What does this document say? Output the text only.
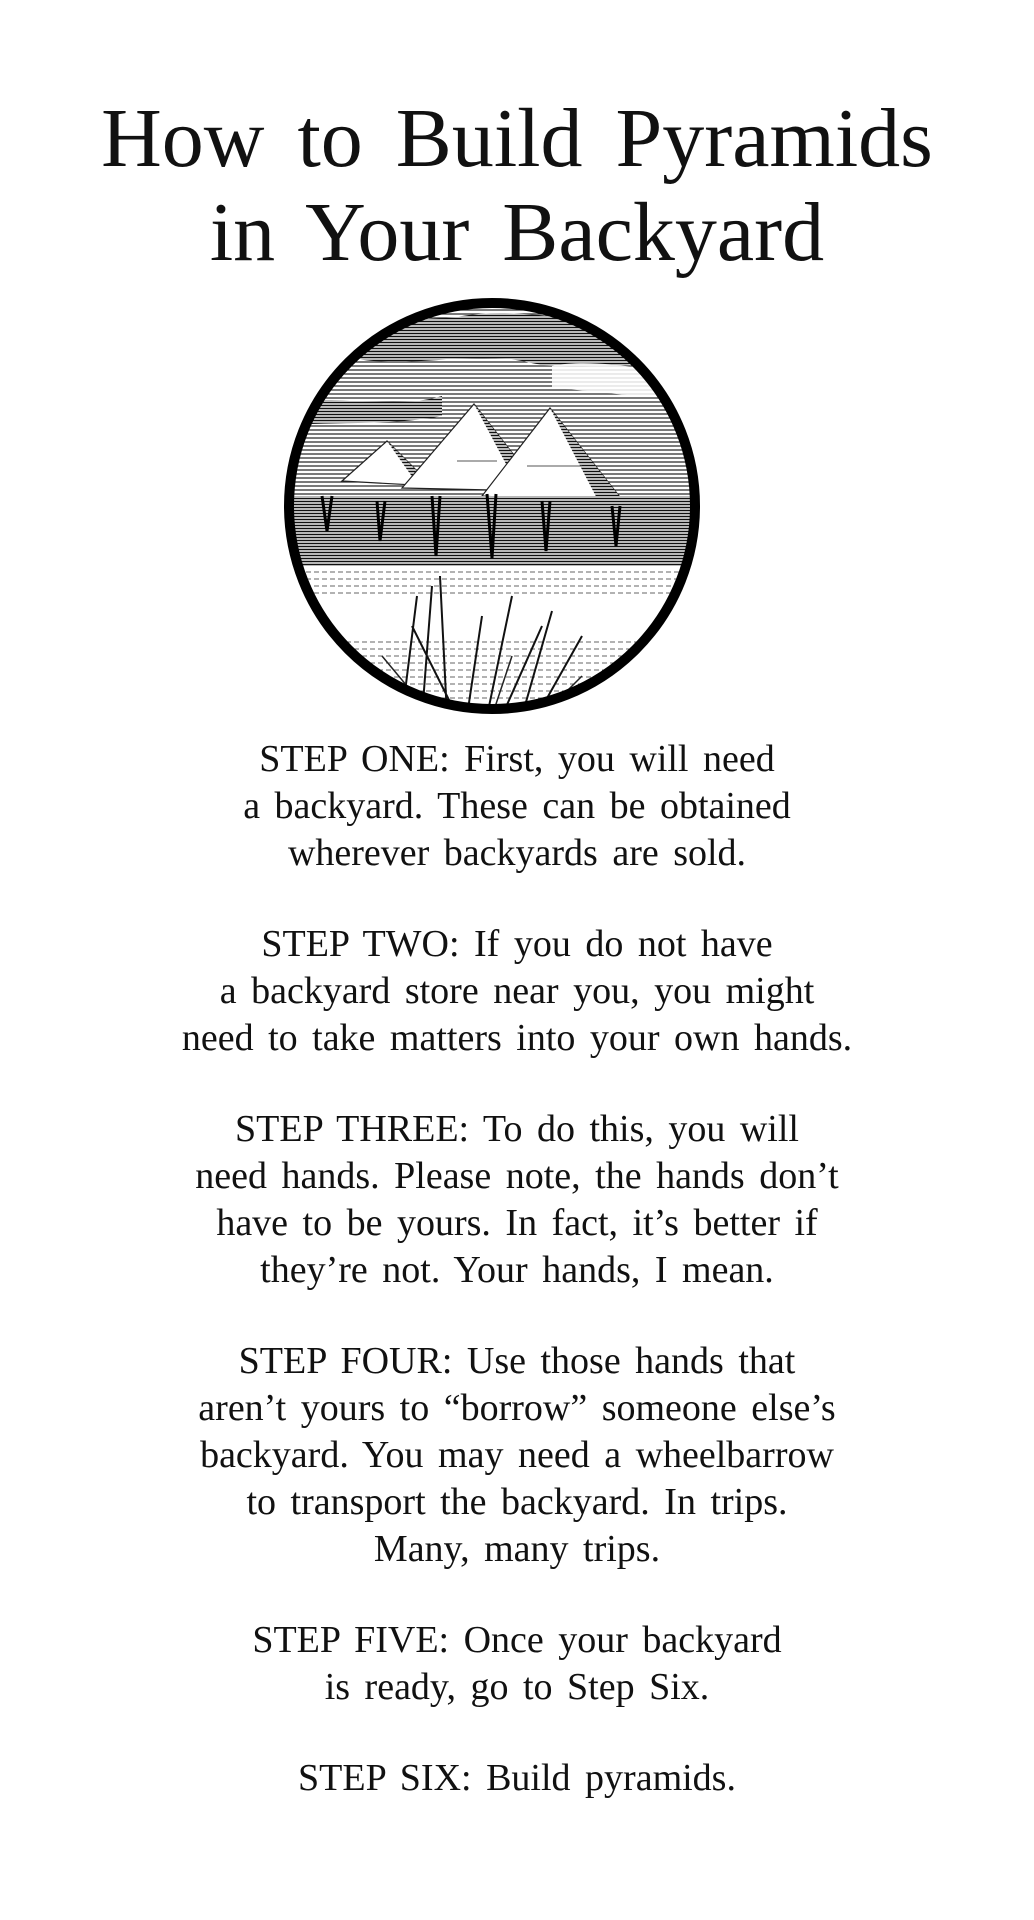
How to Build Pyramids
in Your Backyard

STEP ONE: First, you will need
a backyard. These can be obtained
wherever backyards are sold.

STEP TWO: If you do not have
a backyard store near you, you might
need to take matters into your own hands.

STEP THREE: To do this, you will
need hands. Please note, the hands don’t
have to be yours. In fact, it’s better if
they’re not. Your hands, I mean.

STEP FOUR: Use those hands that
aren’t yours to “borrow” someone else’s
backyard. You may need a wheelbarrow
to transport the backyard. In trips.
Many, many trips.

STEP FIVE: Once your backyard
is ready, go to Step Six.

STEP SIX: Build pyramids.
